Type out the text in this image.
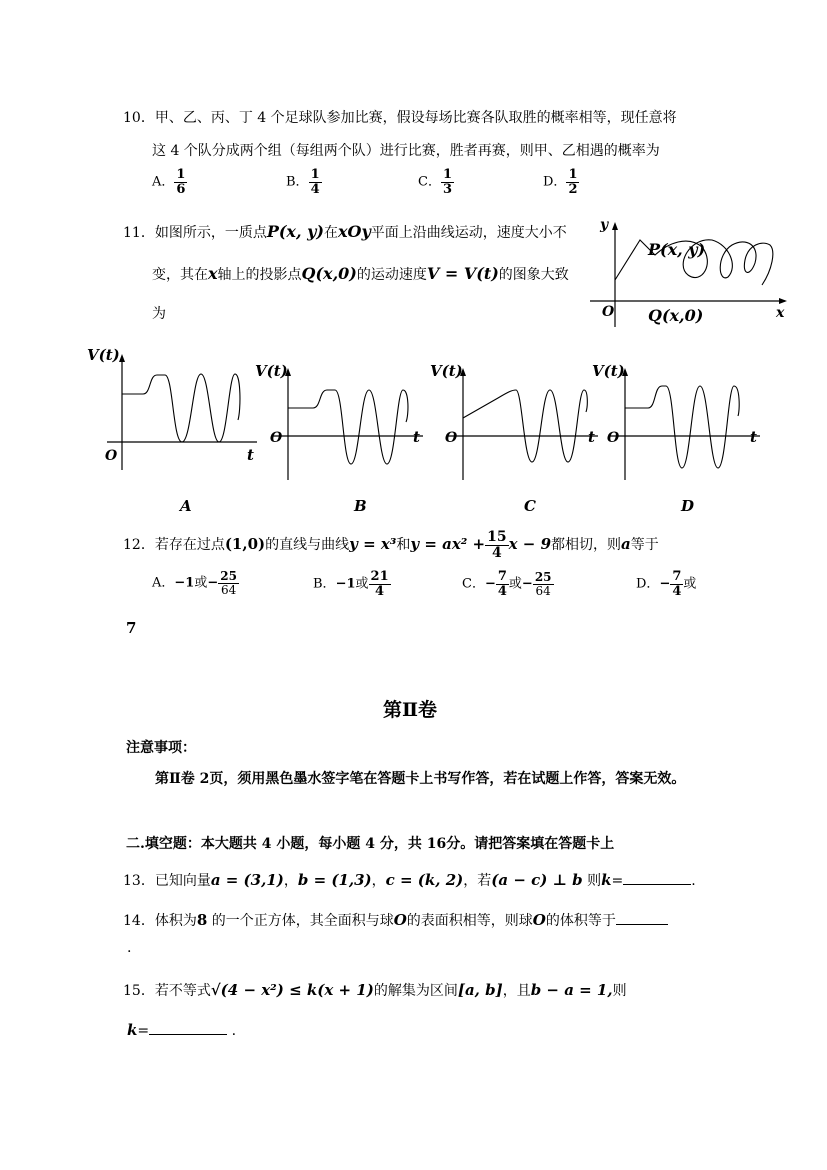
10．甲、乙、丙、丁 4 个足球队参加比赛，假设每场比赛各队取胜的概率相等，现任意将
这 4 个队分成两个组（每组两个队）进行比赛，胜者再赛，则甲、乙相遇的概率为
A． $\frac{1}{6}$	B． $\frac{1}{4}$	C． $\frac{1}{3}$	D． $\frac{1}{2}$
11．如图所示，一质点P(x, y)在xOy平面上沿曲线运动，速度大小不
变，其在x轴上的投影点Q(x,0)的运动速度V = V(t)的图象大致
为
y
x
O
P(x, y)
Q(x,0)
V(t)
O	t
V(t)
O	t
V(t)
O	t
V(t)
O	t
A	B	C	D
12．若存在过点(1,0)的直线与曲线y = x³和$y = ax^2 + \frac{15}{4}$ x − 9都相切，则a等于
A．−1或− $\frac{25}{64}$	B．−1或 $\frac{21}{4}$	C．− $\frac{7}{4}$ 或− $\frac{25}{64}$	D．− $\frac{7}{4}$ 或
7
第Ⅱ卷
注意事项：
第Ⅱ卷 2页，须用黑色墨水签字笔在答题卡上书写作答，若在试题上作答，答案无效。
二.填空题：本大题共 4 小题，每小题 4 分，共 16分。请把答案填在答题卡上
13．已知向量a = (3,1)，b = (1,3)，c = (k, 2)，若(a − c) ⊥ b 则k=	.
14．体积为8 的一个正方体，其全面积与球O的表面积相等，则球O的体积等于
.
15．若不等式√(4 − x²) ≤ k(x + 1)的解集为区间[a, b]，且b − a = 1,则
k=	.
